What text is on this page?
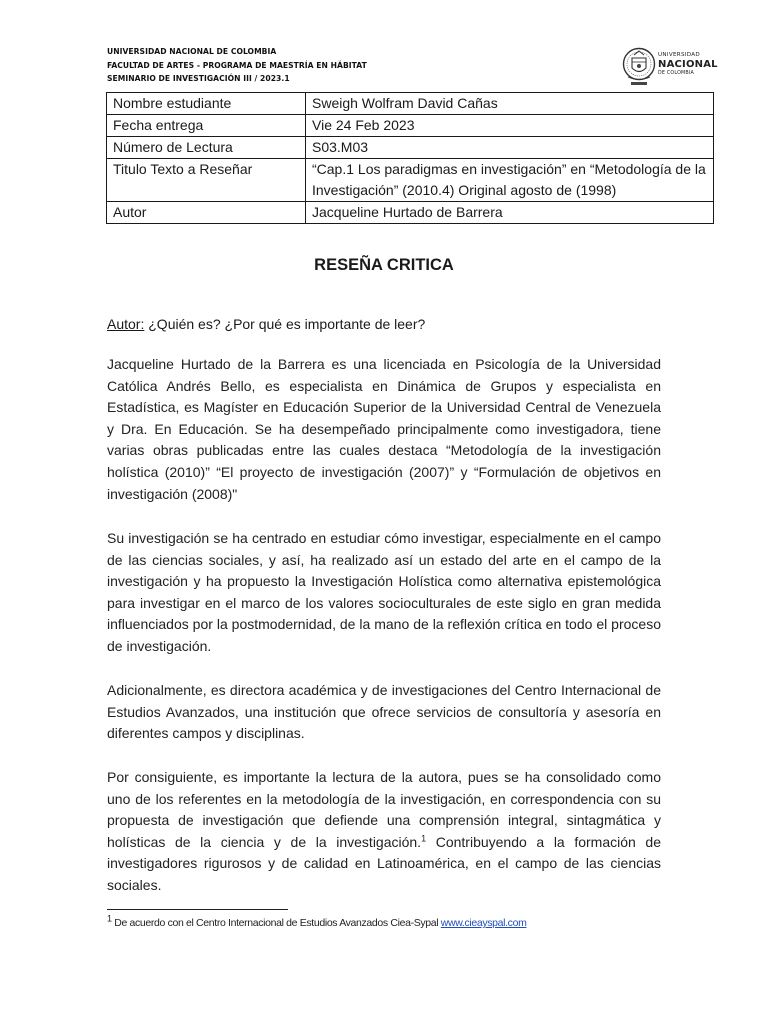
UNIVERSIDAD NACIONAL DE COLOMBIA
FACULTAD DE ARTES - PROGRAMA DE MAESTRÍA EN HÁBITAT
SEMINARIO DE INVESTIGACIÓN III / 2023.1
UNIVERSIDAD
NACIONAL
DE COLOMBIA
Nombre estudiante	Sweigh Wolfram David Cañas
Fecha entrega	Vie 24 Feb 2023
Número de Lectura	S03.M03
Titulo Texto a Reseñar	“Cap.1 Los paradigmas en investigación” en “Metodología de la Investigación” (2010.4) Original agosto de (1998)
Autor	Jacqueline Hurtado de Barrera
RESEÑA CRITICA
Autor: ¿Quién es? ¿Por qué es importante de leer?
Jacqueline Hurtado de la Barrera es una licenciada en Psicología de la Universidad Católica Andrés Bello, es especialista en Dinámica de Grupos y especialista en Estadística, es Magíster en Educación Superior de la Universidad Central de Venezuela y Dra. En Educación. Se ha desempeñado principalmente como investigadora, tiene varias obras publicadas entre las cuales destaca “Metodología de la investigación holística (2010)” “El proyecto de investigación (2007)” y “Formulación de objetivos en investigación (2008)"
Su investigación se ha centrado en estudiar cómo investigar, especialmente en el campo de las ciencias sociales, y así, ha realizado así un estado del arte en el campo de la investigación y ha propuesto la Investigación Holística como alternativa epistemológica para investigar en el marco de los valores socioculturales de este siglo en gran medida influenciados por la postmodernidad, de la mano de la reflexión crítica en todo el proceso de investigación.
Adicionalmente, es directora académica y de investigaciones del Centro Internacional de Estudios Avanzados, una institución que ofrece servicios de consultoría y asesoría en diferentes campos y disciplinas.
Por consiguiente, es importante la lectura de la autora, pues se ha consolidado como uno de los referentes en la metodología de la investigación, en correspondencia con su propuesta de investigación que defiende una comprensión integral, sintagmática y holísticas de la ciencia y de la investigación.$^1$ Contribuyendo a la formación de investigadores rigurosos y de calidad en Latinoamérica, en el campo de las ciencias sociales.
$^1$ De acuerdo con el Centro Internacional de Estudios Avanzados Ciea-Sypal www.cieayspal.com
